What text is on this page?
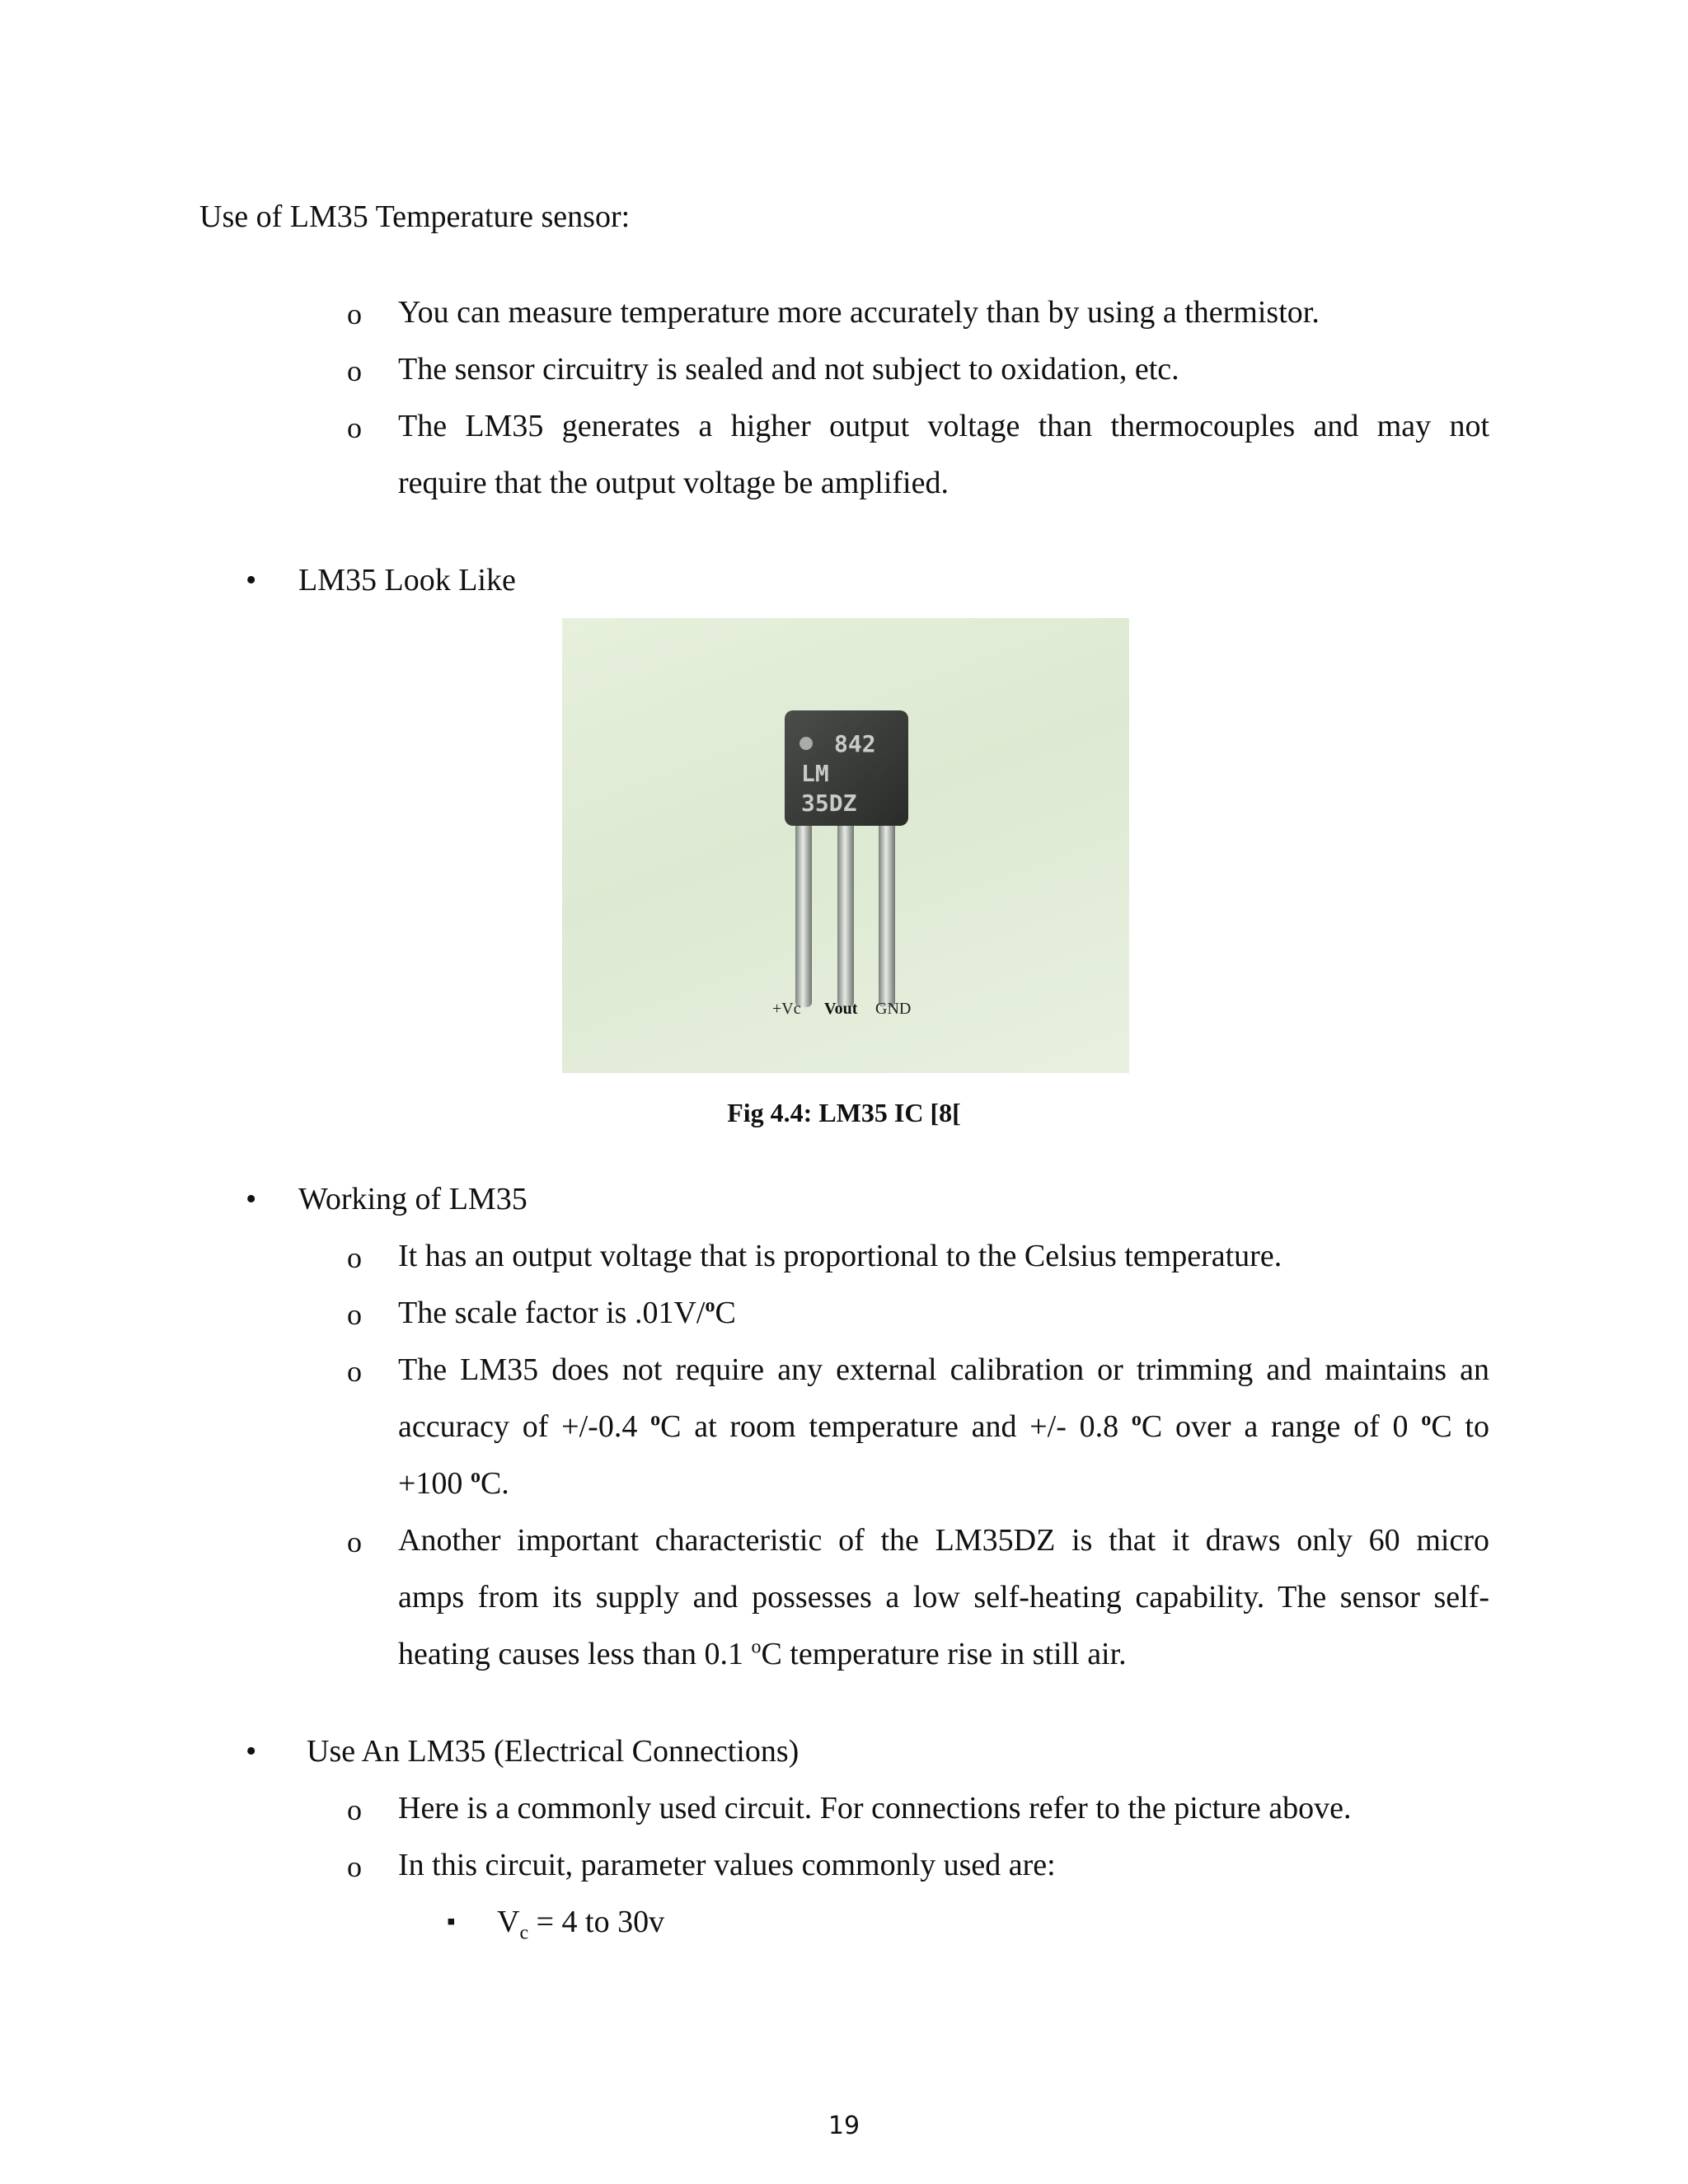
Use of LM35 Temperature sensor:
o You can measure temperature more accurately than by using a thermistor.
o The sensor circuitry is sealed and not subject to oxidation, etc.
o The LM35 generates a higher output voltage than thermocouples and may not
require that the output voltage be amplified.
• LM35 Look Like
842
LM
35DZ
+Vc Vout GND
Fig 4.4: LM35 IC [8[
• Working of LM35
o It has an output voltage that is proportional to the Celsius temperature.
o The scale factor is .01V/$^o$C
o The LM35 does not require any external calibration or trimming and maintains an
accuracy of +/-0.4 $^o$C at room temperature and +/- 0.8 $^o$C over a range of 0 $^o$C to
+100 $^o$C.
o Another important characteristic of the LM35DZ is that it draws only 60 micro
amps from its supply and possesses a low self-heating capability. The sensor self-
heating causes less than 0.1 $^o$C temperature rise in still air.
• Use An LM35 (Electrical Connections)
o Here is a commonly used circuit. For connections refer to the picture above.
o In this circuit, parameter values commonly used are:
▪ $V_c = 4$ to 30v
19
